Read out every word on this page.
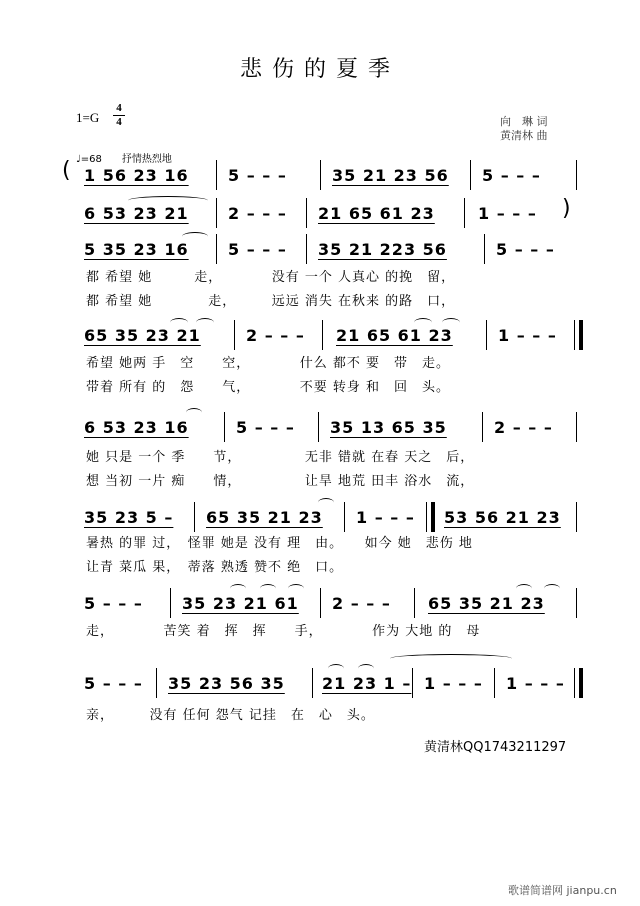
悲伤的夏季
1=G
4
4	向　琳 词
黄清林 曲
♩=68　　抒情热烈地
( 1 56 23 16 5 – – –	35 21 23 56 5 – – –
6 53 23 21 2 – – – 21 65 61 23	1 – – – )
5 35 23 16 5 – – – 35 21 223 56	5 – – –
都 希望 她　　　走，　　　　没有 一个 人真心 的挽　留，
都 希望 她　　　　走，　　　远远 消失 在秋来 的路　口，
65 35 23 21	2 – – – 21 65 61 23	1 – – –
希望 她两 手　空　　空，　　　　什么 都不 要　带　走。
带着 所有 的　怨　　气，　　　　不要 转身 和　回　头。
6 53 23 16	5 – – – 35 13 65 35	2 – – –
她 只是 一个 季　　节，　　　　　无非 错就 在春 天之　后，
想 当初 一片 痴　　情，　　　　　让旱 地荒 田丰 浴水　流，
35 23 5 – 65 35 21 23 1 – – – 53 56 21 23
暑热 的罪 过，　怪罪 她是 没有 理　由。　　如今 她　悲伤 地
让青 菜瓜 果，　蒂落 熟透 赞不 绝　口。
5 – – – 35 23 21 61 2 – – – 65 35 21 23
走，　　　　苦笑 着　挥　挥　　手，　　　　作为 大地 的　母
5 – – – 35 23 56 35 21 23 1 – 1 – – – 1 – – –
亲，　　　没有 任何 怨气 记挂　在　心　头。
黄清林QQ1743211297
歌谱简谱网 jianpu.cn
